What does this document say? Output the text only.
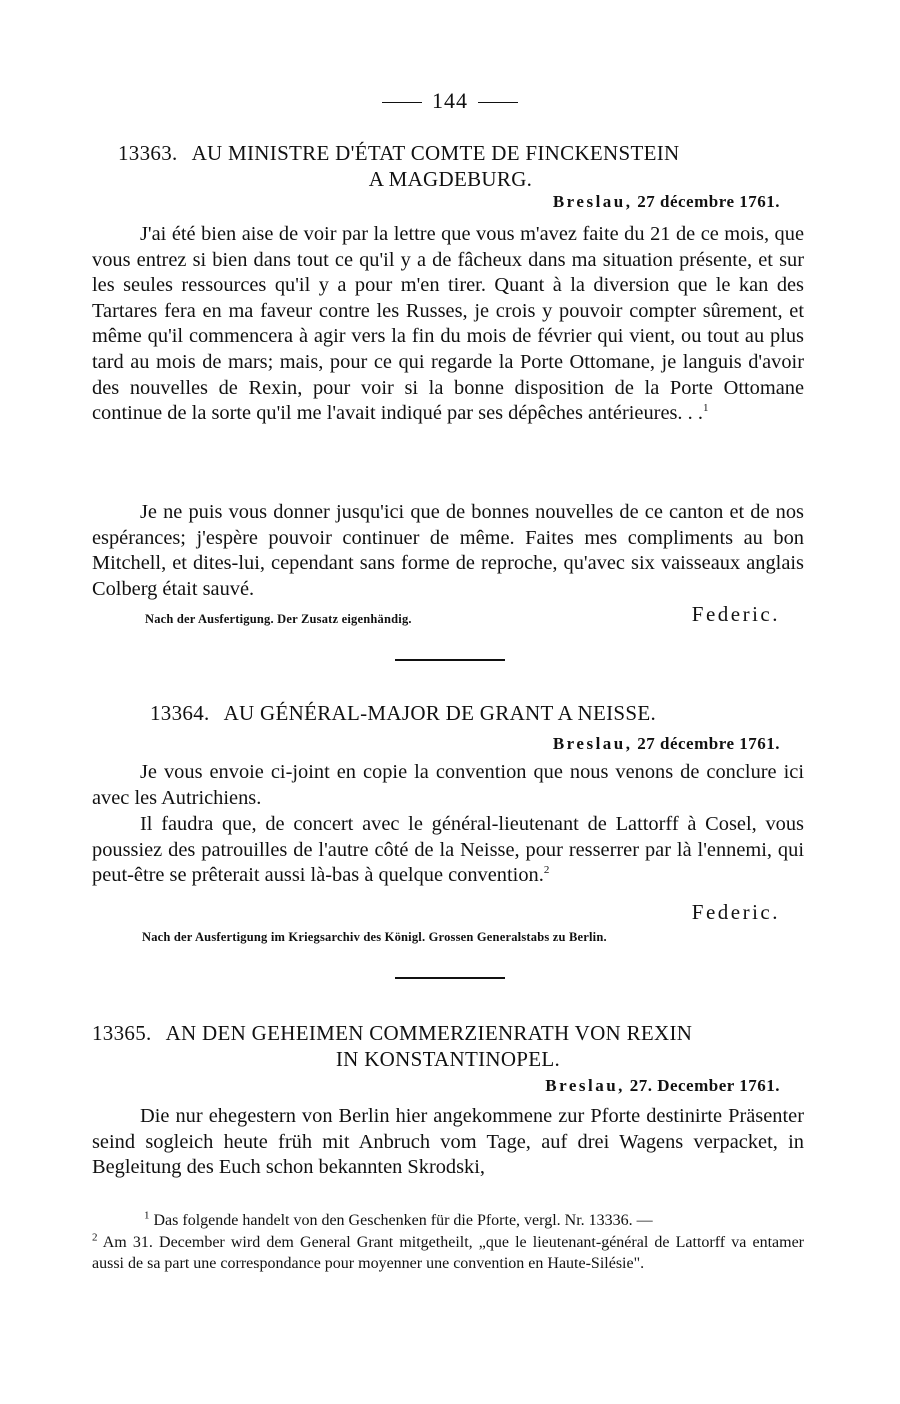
144
13363. AU MINISTRE D'ÉTAT COMTE DE FINCKENSTEIN
A MAGDEBURG.
Breslau, 27 décembre 1761.

J'ai été bien aise de voir par la lettre que vous m'avez faite du 21 de ce mois, que vous entrez si bien dans tout ce qu'il y a de fâcheux dans ma situation présente, et sur les seules ressources qu'il y a pour m'en tirer. Quant à la diversion que le kan des Tartares fera en ma faveur contre les Russes, je crois y pouvoir compter sûrement, et même qu'il commencera à agir vers la fin du mois de février qui vient, ou tout au plus tard au mois de mars; mais, pour ce qui regarde la Porte Ottomane, je languis d'avoir des nouvelles de Rexin, pour voir si la bonne disposition de la Porte Ottomane continue de la sorte qu'il me l'avait indiqué par ses dépêches antérieures. . .$^1$

Je ne puis vous donner jusqu'ici que de bonnes nouvelles de ce canton et de nos espérances; j'espère pouvoir continuer de même. Faites mes compliments au bon Mitchell, et dites-lui, cependant sans forme de reproche, qu'avec six vaisseaux anglais Colberg était sauvé.

Nach der Ausfertigung. Der Zusatz eigenhändig.	Federic.
13364. AU GÉNÉRAL-MAJOR DE GRANT A NEISSE.
Breslau, 27 décembre 1761.

Je vous envoie ci-joint en copie la convention que nous venons de conclure ici avec les Autrichiens.

Il faudra que, de concert avec le général-lieutenant de Lattorff à Cosel, vous poussiez des patrouilles de l'autre côté de la Neisse, pour resserrer par là l'ennemi, qui peut-être se prêterait aussi là-bas à quelque convention.$^2$

Federic.
Nach der Ausfertigung im Kriegsarchiv des Königl. Grossen Generalstabs zu Berlin.
13365. AN DEN GEHEIMEN COMMERZIENRATH VON REXIN
IN KONSTANTINOPEL.
Breslau, 27. December 1761.

Die nur ehegestern von Berlin hier angekommene zur Pforte destinirte Präsenter seind sogleich heute früh mit Anbruch vom Tage, auf drei Wagens verpacket, in Begleitung des Euch schon bekannten Skrodski,

$^1$ Das folgende handelt von den Geschenken für die Pforte, vergl. Nr. 13336. —

$^2$ Am 31. December wird dem General Grant mitgetheilt, „que le lieutenant-général de Lattorff va entamer aussi de sa part une correspondance pour moyenner une convention en Haute-Silésie".
